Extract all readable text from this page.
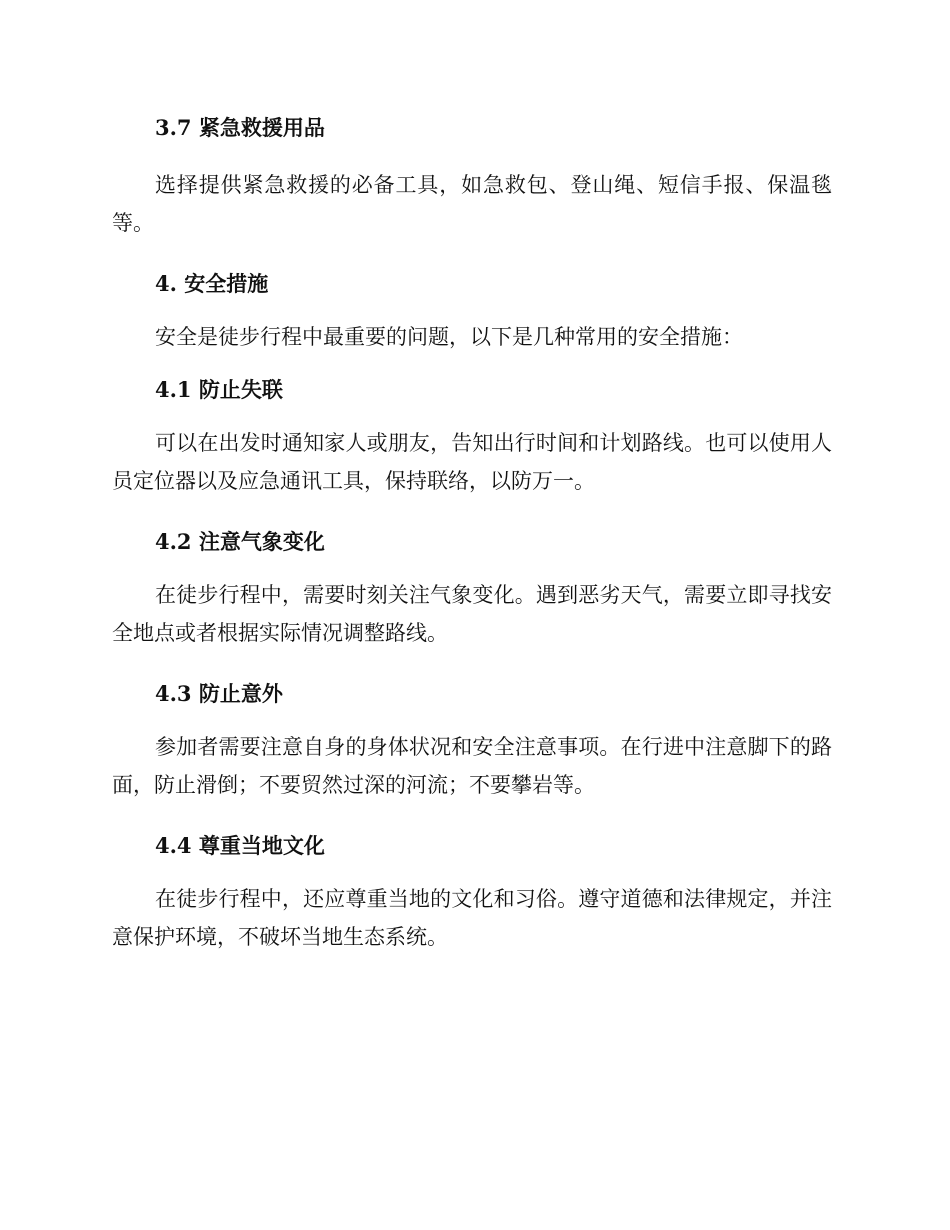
3.7 紧急救援用品

选择提供紧急救援的必备工具，如急救包、登山绳、短信手报、保温毯等。

4. 安全措施

安全是徒步行程中最重要的问题，以下是几种常用的安全措施：

4.1 防止失联

可以在出发时通知家人或朋友，告知出行时间和计划路线。也可以使用人员定位器以及应急通讯工具，保持联络，以防万一。

4.2 注意气象变化

在徒步行程中，需要时刻关注气象变化。遇到恶劣天气，需要立即寻找安全地点或者根据实际情况调整路线。

4.3 防止意外

参加者需要注意自身的身体状况和安全注意事项。在行进中注意脚下的路面，防止滑倒；不要贸然过深的河流；不要攀岩等。

4.4 尊重当地文化

在徒步行程中，还应尊重当地的文化和习俗。遵守道德和法律规定，并注意保护环境，不破坏当地生态系统。
